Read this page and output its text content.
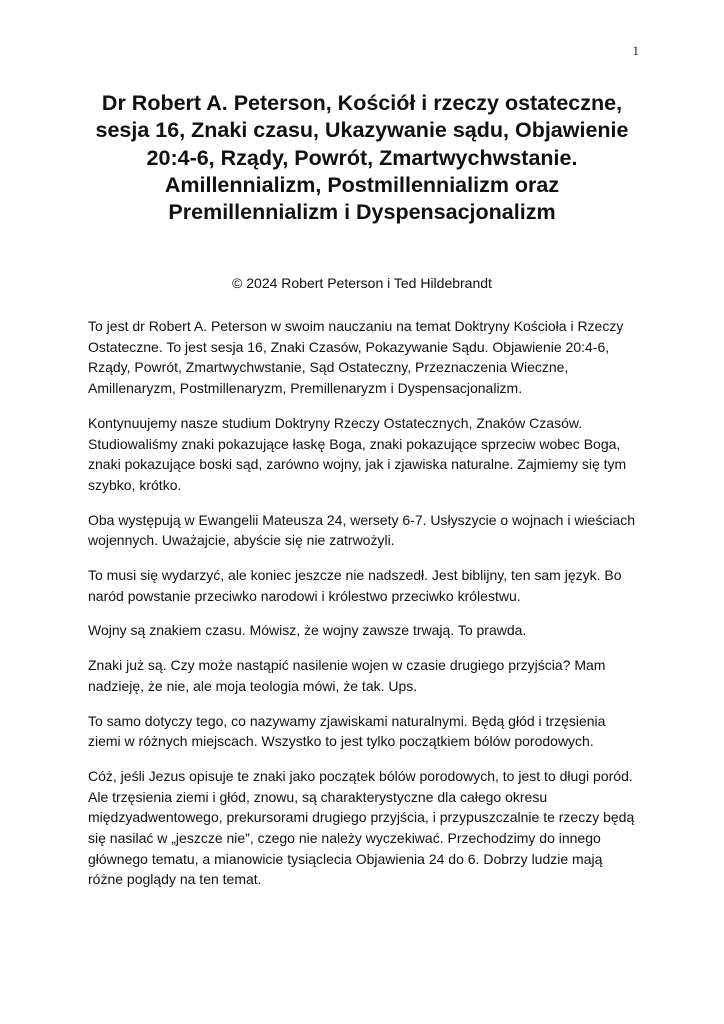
1
Dr Robert A. Peterson, Kościół i rzeczy ostateczne, sesja 16, Znaki czasu, Ukazywanie sądu, Objawienie 20:4-6, Rządy, Powrót, Zmartwychwstanie. Amillennializm, Postmillennializm oraz Premillennializm i Dyspensacjonalizm
© 2024 Robert Peterson i Ted Hildebrandt

To jest dr Robert A. Peterson w swoim nauczaniu na temat Doktryny Kościoła i Rzeczy Ostateczne. To jest sesja 16, Znaki Czasów, Pokazywanie Sądu. Objawienie 20:4-6, Rządy, Powrót, Zmartwychwstanie, Sąd Ostateczny, Przeznaczenia Wieczne, Amillenaryzm, Postmillenaryzm, Premillenaryzm i Dyspensacjonalizm.

Kontynuujemy nasze studium Doktryny Rzeczy Ostatecznych, Znaków Czasów. Studiowaliśmy znaki pokazujące łaskę Boga, znaki pokazujące sprzeciw wobec Boga, znaki pokazujące boski sąd, zarówno wojny, jak i zjawiska naturalne. Zajmiemy się tym szybko, krótko.

Oba występują w Ewangelii Mateusza 24, wersety 6-7. Usłyszycie o wojnach i wieściach wojennych. Uważajcie, abyście się nie zatrwożyli.

To musi się wydarzyć, ale koniec jeszcze nie nadszedł. Jest biblijny, ten sam język. Bo naród powstanie przeciwko narodowi i królestwo przeciwko królestwu.

Wojny są znakiem czasu. Mówisz, że wojny zawsze trwają. To prawda.

Znaki już są. Czy może nastąpić nasilenie wojen w czasie drugiego przyjścia? Mam nadzieję, że nie, ale moja teologia mówi, że tak. Ups.

To samo dotyczy tego, co nazywamy zjawiskami naturalnymi. Będą głód i trzęsienia ziemi w różnych miejscach. Wszystko to jest tylko początkiem bólów porodowych.

Cóż, jeśli Jezus opisuje te znaki jako początek bólów porodowych, to jest to długi poród. Ale trzęsienia ziemi i głód, znowu, są charakterystyczne dla całego okresu międzyadwentowego, prekursorami drugiego przyjścia, i przypuszczalnie te rzeczy będą się nasilać w „jeszcze nie”, czego nie należy wyczekiwać. Przechodzimy do innego głównego tematu, a mianowicie tysiąclecia Objawienia 24 do 6. Dobrzy ludzie mają różne poglądy na ten temat.
